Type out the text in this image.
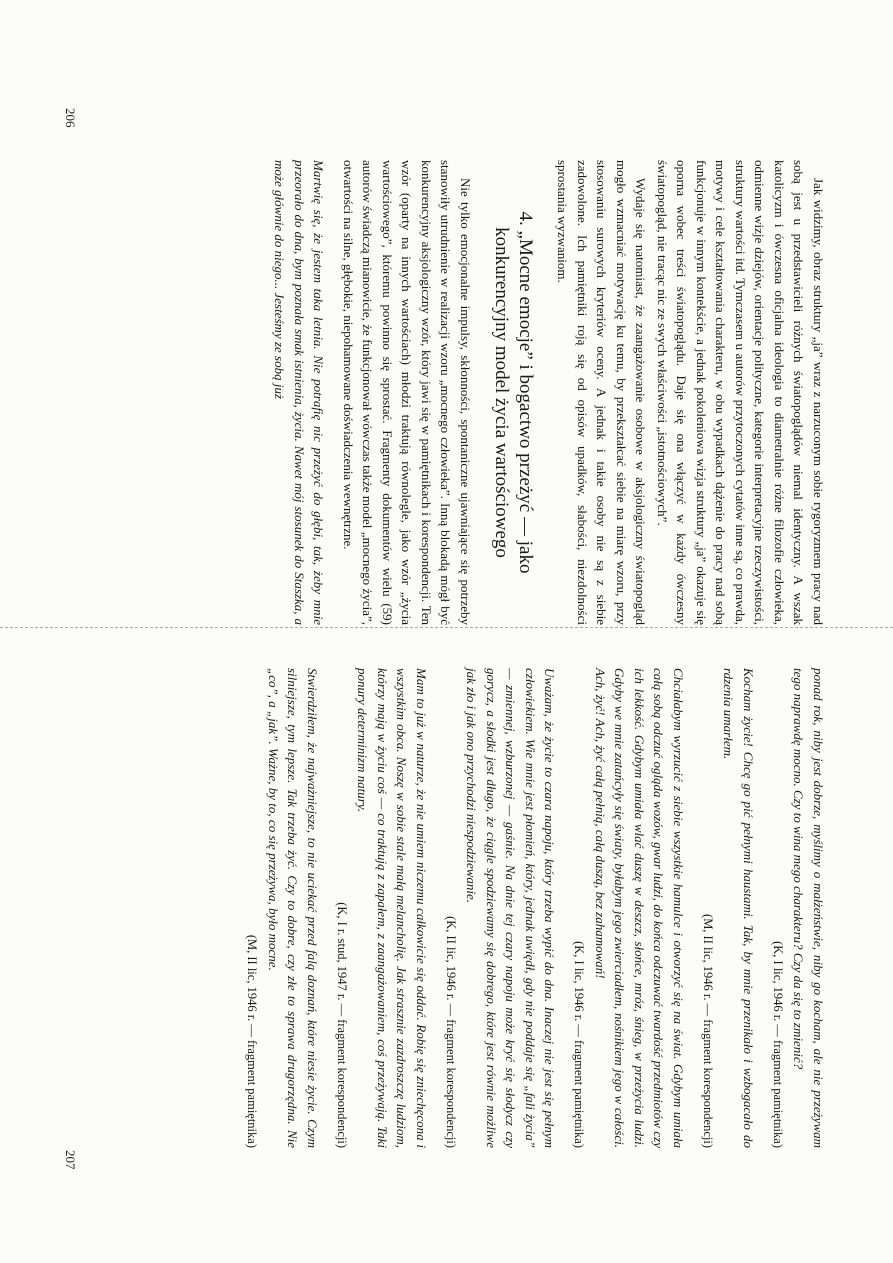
Jak widzimy, obraz struktury „ja” wraz z narzuconym sobie rygoryzmem pracy nad sobą jest u przedstawicieli różnych światopoglądów niemal identyczny. A wszak katolicyzm i ówczesna oficjalna ideologia to diametralnie różne filozofie człowieka, odmienne wizje dziejów, orientacje polityczne, kategorie interpretacyjne rzeczywistości, struktury wartości itd. Tymczasem u autorów przytoczonych cytatów inne są, co prawda, motywy i cele kształtowania charakteru, w obu wypadkach dążenie do pracy nad sobą funkcjonuje w innym kontekście, a jednak pokoleniowa wizja struktury „ja” okazuje się oporna wobec treści światopoglądu. Daje się ona włączyć w każdy ówczesny światopogląd, nie tracąc nic ze swych właściwości „istotnościowych”.

Wydaje się natomiast, że zaangażowanie osobowe w aksjologiczny światopogląd mogło wzmacniać motywację ku temu, by przekształcać siebie na miarę wzoru, przy stosowaniu surowych kryteriów oceny. A jednak i takie osoby nie są z siebie zadowolone. Ich pamiętniki roją się od opisów upadków, słabości, niezdolności sprostania wyzwaniom.

4. „Mocne emocje” i bogactwo przeżyć — jako konkurencyjny model życia wartościowego

Nie tylko emocjonalne impulsy, skłonności, spontaniczne ujawniające się potrzeby stanowiły utrudnienie w realizacji wzoru „mocnego człowieka”. Inną blokadą mógł być konkurencyjny aksjologiczny wzór, który jawi się w pamiętnikach i korespondencji. Ten wzór (oparty na innych wartościach) młodzi traktują równolegle, jako wzór „życia wartościowego”, któremu powinno się sprostać. Fragmenty dokumentów wielu (59) autorów świadczą mianowicie, że funkcjonował wówczas także model „mocnego życia”, otwartości na silne, głębokie, niepohamowane doświadczenia wewnętrzne.

Martwię się, że jestem taka letnia. Nie potrafię nic przeżyć do głębi, tak, żeby mnie przeorało do dna, bym poznała smak istnienia, życia. Nawet mój stosunek do Staszka, a może głównie do niego... Jesteśmy ze sobą już

206

ponad rok, niby jest dobrze, myślimy o małżeństwie, niby go kocham, ale nie przeżywam tego naprawdę mocno. Czy to wina mego charakteru? Czy da się to zmienić?

(K, I lic, 1946 r. — fragment pamiętnika)

Kocham życie! Chcę go pić pełnymi haustami. Tak, by mnie przenikało i wzbogacało do rdzenia umarłem.

(M, II lic, 1946 r. — fragment korespondencji)

Chciałabym wyrzucić z siebie wszystkie hamulce i otworzyć się na świat. Gdybym umiała całą sobą odczuć ogląda wozów, gwar ludzi, do końca odczuwać twardość przedmiotów czy ich lekkość. Gdybym umiała wlać duszę w deszcz, słońce, mróz, śnieg, w przeżycia ludzi. Gdyby we mnie zatańcyły się światy, byłabym jego zwierciadłem, nośnikiem jego w całości. Ach, żyć! Ach, żyć całą pełnią, całą duszą, bez zahamowań!

(K, I lic, 1946 r. — fragment pamiętnika)

Uważam, że życie to czara napoju, który trzeba wypić do dna. Inaczej nie jest się pełnym człowiekiem. Wie mnie jest płomień, który, jednak uwiędł, gdy nie poddaje się „fali życia” — zmiennej, wzburzonej — gaśnie. Na dnie tej czary napoju może kryć się słodycz czy gorycz, a słodki jest długo, że ciągle spodziewamy się dobrego, które jest równie możliwe jak zło i jak ono przychodzi niespodziewanie.

(K, II lic, 1946 r. — fragment korespondencji)

Mam to już w naturze, że nie umiem niczemu całkowicie się oddać. Robię się zniechęcona i wszystkim obca. Noszę w sobie stale małą melancholię. Jak strasznie zazdroszczę ludziom, którzy mają w życiu coś — co traktują z zapałem, z zaangażowaniem, coś przeżywają. Taki ponury determinizm natury.

(K, I r. stud, 1947 r. — fragment korespondencji)

Stwierdziłem, że najważniejsze, to nie uciekać przed falą doznań, które niesie życie. Czym silniejsze, tym lepsze. Tak trzeba żyć. Czy to dobre, czy złe to sprawa drugorzędna. Nie „co”, a „jak”. Ważne, by to, co się przeżywa, było mocne.

(M, II lic, 1946 r. — fragment pamiętnika)
207
